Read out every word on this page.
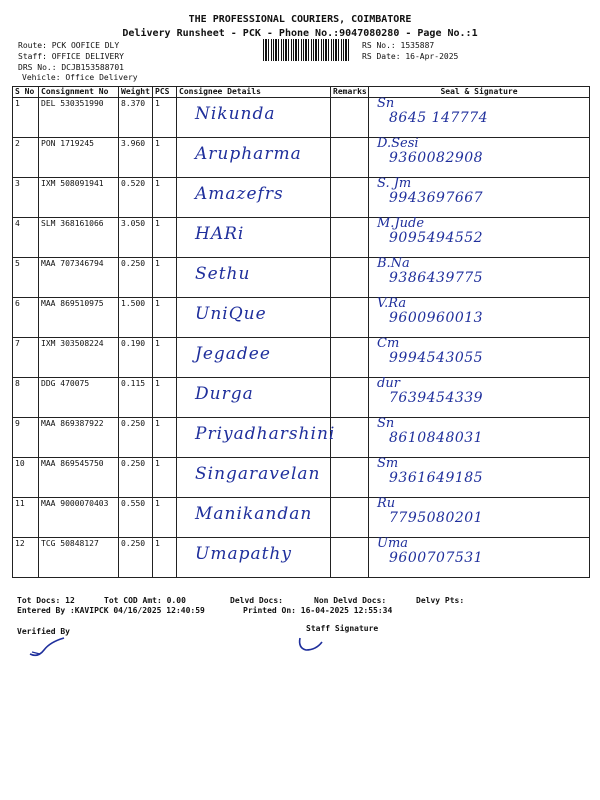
THE PROFESSIONAL COURIERS, COIMBATORE
Delivery Runsheet - PCK - Phone No.:9047080280 - Page No.:1
Route: PCK OOFICE DLY
Staff: OFFICE DELIVERY
DRS No.: DCJB153588701
Vehicle: Office Delivery
RS No.: 1535887
RS Date: 16-Apr-2025
S No	Consignment No	Weight	PCS	Consignee Details	Remarks	Seal & Signature
1	DEL 530351990	8.370	1	Nikunda		Sn
8645 147774

2	PON 1719245	3.960	1	Arupharma		D.Sesi
9360082908

3	IXM 508091941	0.520	1	Amazefrs		S. Jm
9943697667

4	SLM 368161066	3.050	1	HARi		M.Jude
9095494552

5	MAA 707346794	0.250	1	Sethu		B.Na
9386439775

6	MAA 869510975	1.500	1	UniQue		V.Ra
9600960013

7	IXM 303508224	0.190	1	Jegadee		Cm
9994543055

8	DDG 470075	0.115	1	Durga		dur
7639454339

9	MAA 869387922	0.250	1	Priyadharshini		Sn
8610848031

10	MAA 869545750	0.250	1	Singaravelan		Sm
9361649185

11	MAA 9000070403	0.550	1	Manikandan		Ru
7795080201

12	TCG 50848127	0.250	1	Umapathy		Uma
9600707531
Tot Docs: 12	Tot COD Amt: 0.00	Delvd Docs:	Non Delvd Docs:	Delvy Pts:
Entered By :KAVIPCK 04/16/2025 12:40:59	Printed On: 16-04-2025 12:55:34
Verified By	Staff Signature
